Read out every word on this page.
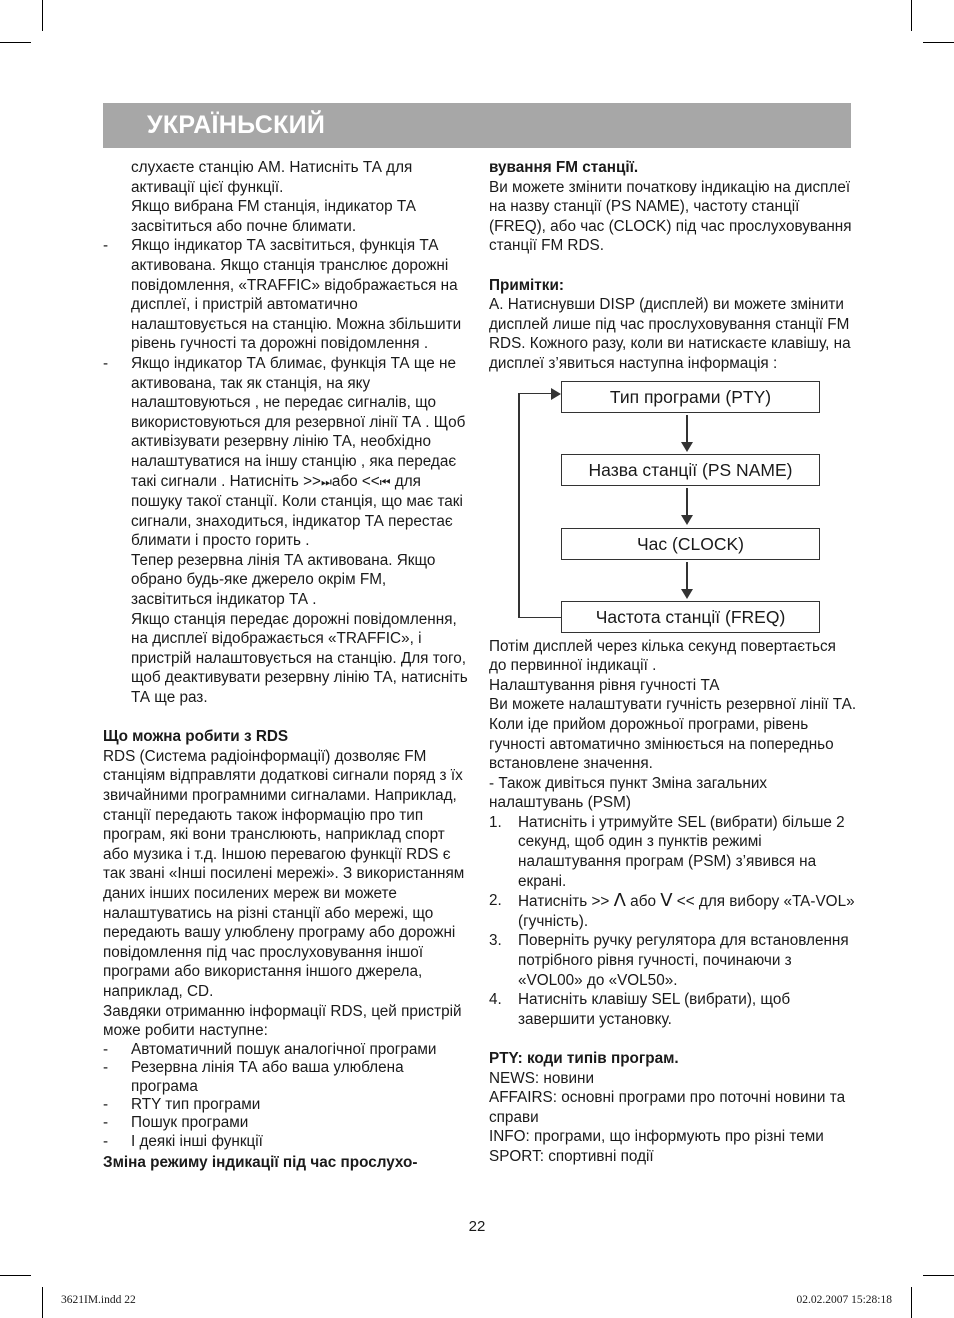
УКРАЇНЬСКИЙ

слухаєте станцію АМ. Натисніть ТА для активації цієї функції.

Якщо вибрана FM станція, індикатор ТА засвітиться або почне блимати.

- Якщо індикатор ТА засвітиться, функція ТА активована. Якщо станція транслює дорожні повідомлення, «TRAFFIC» відображається на дисплеї, і пристрій автоматично налаштовується на станцію. Можна збільшити рівень гучності та дорожні повідомлення .
- Якщо індикатор ТА блимає, функція ТА ще не активована, так як станція, на яку налаштовуються , не передає сигналів, що використовуються для резервної лінії ТА . Щоб активізувати резервну лінію ТА, необхідно налаштуватися на іншу станцію , яка передає такі сигнали . Натисніть >>⏭або <<⏮ для пошуку такої станції. Коли станція, що має такі сигнали, знаходиться, індикатор ТА перестає блимати і просто горить .

Тепер резервна лінія ТА активована. Якщо обрано будь-яке джерело окрім FM, засвітиться індикатор ТА .

Якщо станція передає дорожні повідомлення, на дисплеї відображається «TRAFFIC», і пристрій налаштовується на станцію. Для того, щоб деактивувати резервну лінію ТА, натисніть ТА ще раз.

Що можна робити з RDS

RDS (Система радіоінформації) дозволяє FM станціям відправляти додаткові сигнали поряд з їх звичайними програмними сигналами. Наприклад, станції передають також інформацію про тип програм, які вони транслюють, наприклад спорт або музика і т.д. Іншою перевагою функції RDS є так звані «Інші посилені мережі». З використанням даних інших посилених мереж ви можете налаштуватись на різні станції або мережі, що передають вашу улюблену програму або дорожні повідомлення під час прослуховування іншої програми або використання іншого джерела, наприклад, CD.

Завдяки отриманню інформації RDS, цей пристрій може робити наступне:

- Автоматичний пошук аналогічної програми
- Резервна лінія ТА або ваша улюблена програма
- RTY тип програми
- Пошук програми
- І деякі інші функції

Зміна режиму індикації під час прослухо-

вування FM станції.

Ви можете змінити початкову індикацію на дисплеї на назву станції (PS NAME), частоту станції (FREQ), або час (CLOCK) під час прослуховування станції FM RDS.

Примітки:

А. Натиснувши DISP (дисплей) ви можете змінити дисплей лише під час прослуховування станції FM RDS. Кожного разу, коли ви натискаєте клавішу, на дисплеї з’явиться наступна інформація :

Тип програми (PTY)
Назва станції (PS NAME)
Час (CLOCK)
Частота станції (FREQ)

Потім дисплей через кілька секунд повертається до первинної індикації .

Налаштування рівня гучності ТА

Ви можете налаштувати гучність резервної лінії ТА. Коли іде прийом дорожньої програми, рівень гучності автоматично змінюється на попередньо встановлене значення.

- Також дивіться пункт Зміна загальних налаштувань (PSM)

1. Натисніть і утримуйте SEL (вибрати) більше 2 секунд, щоб один з пунктів режимі налаштування програм (PSM) з’явився на екрані.
2. Натисніть >> Λ або V << для вибору «TA-VOL» (гучність).
3. Поверніть ручку регулятора для встановлення потрібного рівня гучності, починаючи з «VOL00» до «VOL50».
4. Натисніть клавішу SEL (вибрати), щоб завершити установку.

PTY: коди типів програм.

NEWS: новини

AFFAIRS: основні програми про поточні новини та справи

INFO: програми, що інформують про різні теми

SPORT: спортивні події

22
3621IM.indd 22	02.02.2007 15:28:18
